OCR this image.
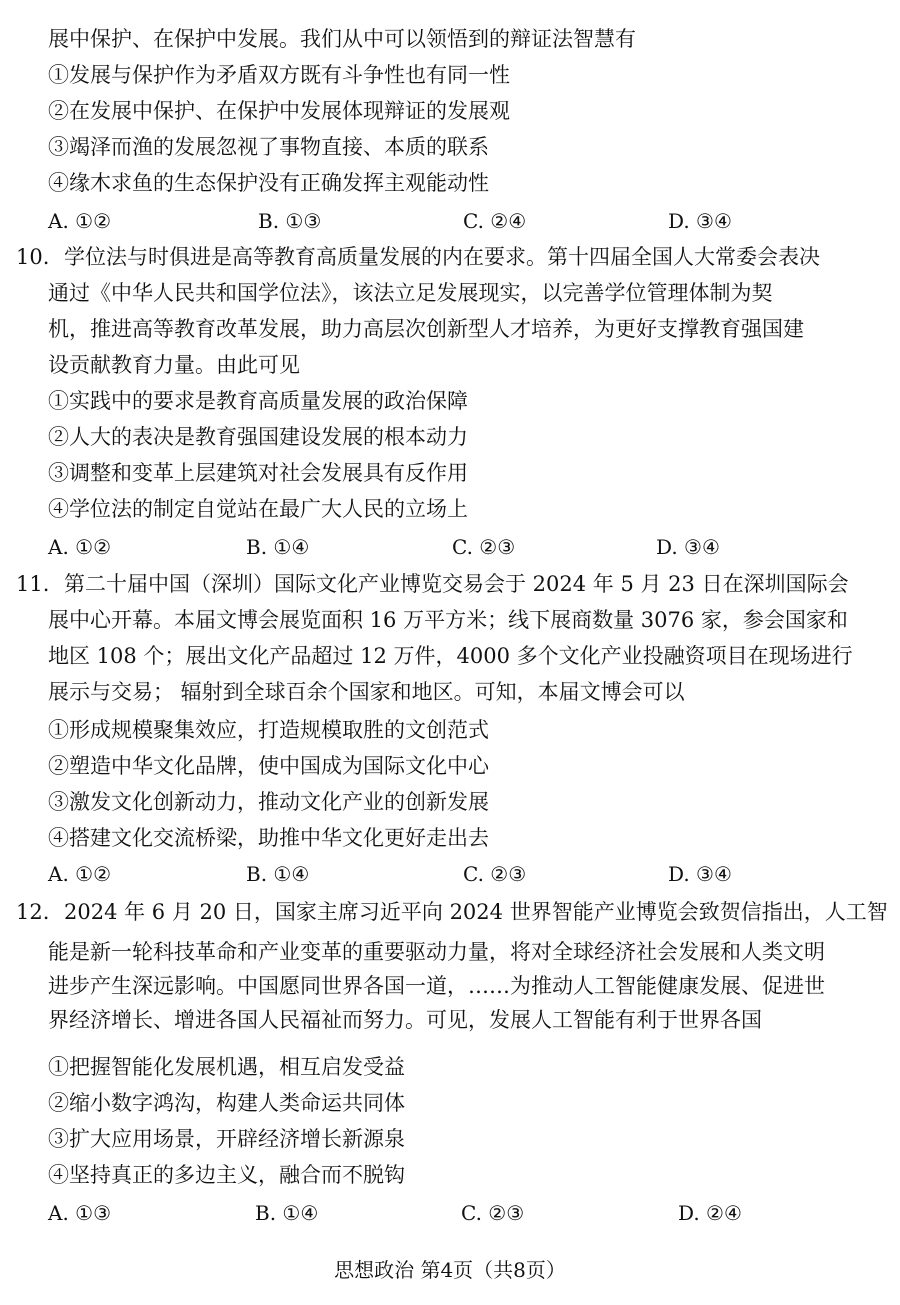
展中保护、在保护中发展。我们从中可以领悟到的辩证法智慧有
①发展与保护作为矛盾双方既有斗争性也有同一性
②在发展中保护、在保护中发展体现辩证的发展观
③竭泽而渔的发展忽视了事物直接、本质的联系
④缘木求鱼的生态保护没有正确发挥主观能动性
A. ①②	B. ①③	C. ②④	D. ③④
10. 学位法与时俱进是高等教育高质量发展的内在要求。第十四届全国人大常委会表决
通过《中华人民共和国学位法》，该法立足发展现实，以完善学位管理体制为契
机，推进高等教育改革发展，助力高层次创新型人才培养，为更好支撑教育强国建
设贡献教育力量。由此可见
①实践中的要求是教育高质量发展的政治保障
②人大的表决是教育强国建设发展的根本动力
③调整和变革上层建筑对社会发展具有反作用
④学位法的制定自觉站在最广大人民的立场上
A. ①②	B. ①④	C. ②③	D. ③④
11. 第二十届中国（深圳）国际文化产业博览交易会于 2024 年 5 月 23 日在深圳国际会
展中心开幕。本届文博会展览面积 16 万平方米；线下展商数量 3076 家，参会国家和
地区 108 个；展出文化产品超过 12 万件，4000 多个文化产业投融资项目在现场进行
展示与交易； 辐射到全球百余个国家和地区。可知，本届文博会可以
①形成规模聚集效应，打造规模取胜的文创范式
②塑造中华文化品牌，使中国成为国际文化中心
③激发文化创新动力，推动文化产业的创新发展
④搭建文化交流桥梁，助推中华文化更好走出去
A. ①②	B. ①④	C. ②③	D. ③④
12. 2024 年 6 月 20 日，国家主席习近平向 2024 世界智能产业博览会致贺信指出，人工智
能是新一轮科技革命和产业变革的重要驱动力量，将对全球经济社会发展和人类文明
进步产生深远影响。中国愿同世界各国一道，……为推动人工智能健康发展、促进世
界经济增长、增进各国人民福祉而努力。可见，发展人工智能有利于世界各国
①把握智能化发展机遇，相互启发受益
②缩小数字鸿沟，构建人类命运共同体
③扩大应用场景，开辟经济增长新源泉
④坚持真正的多边主义，融合而不脱钩
A. ①③	B. ①④	C. ②③	D. ②④
思想政治 第4页（共8页）
